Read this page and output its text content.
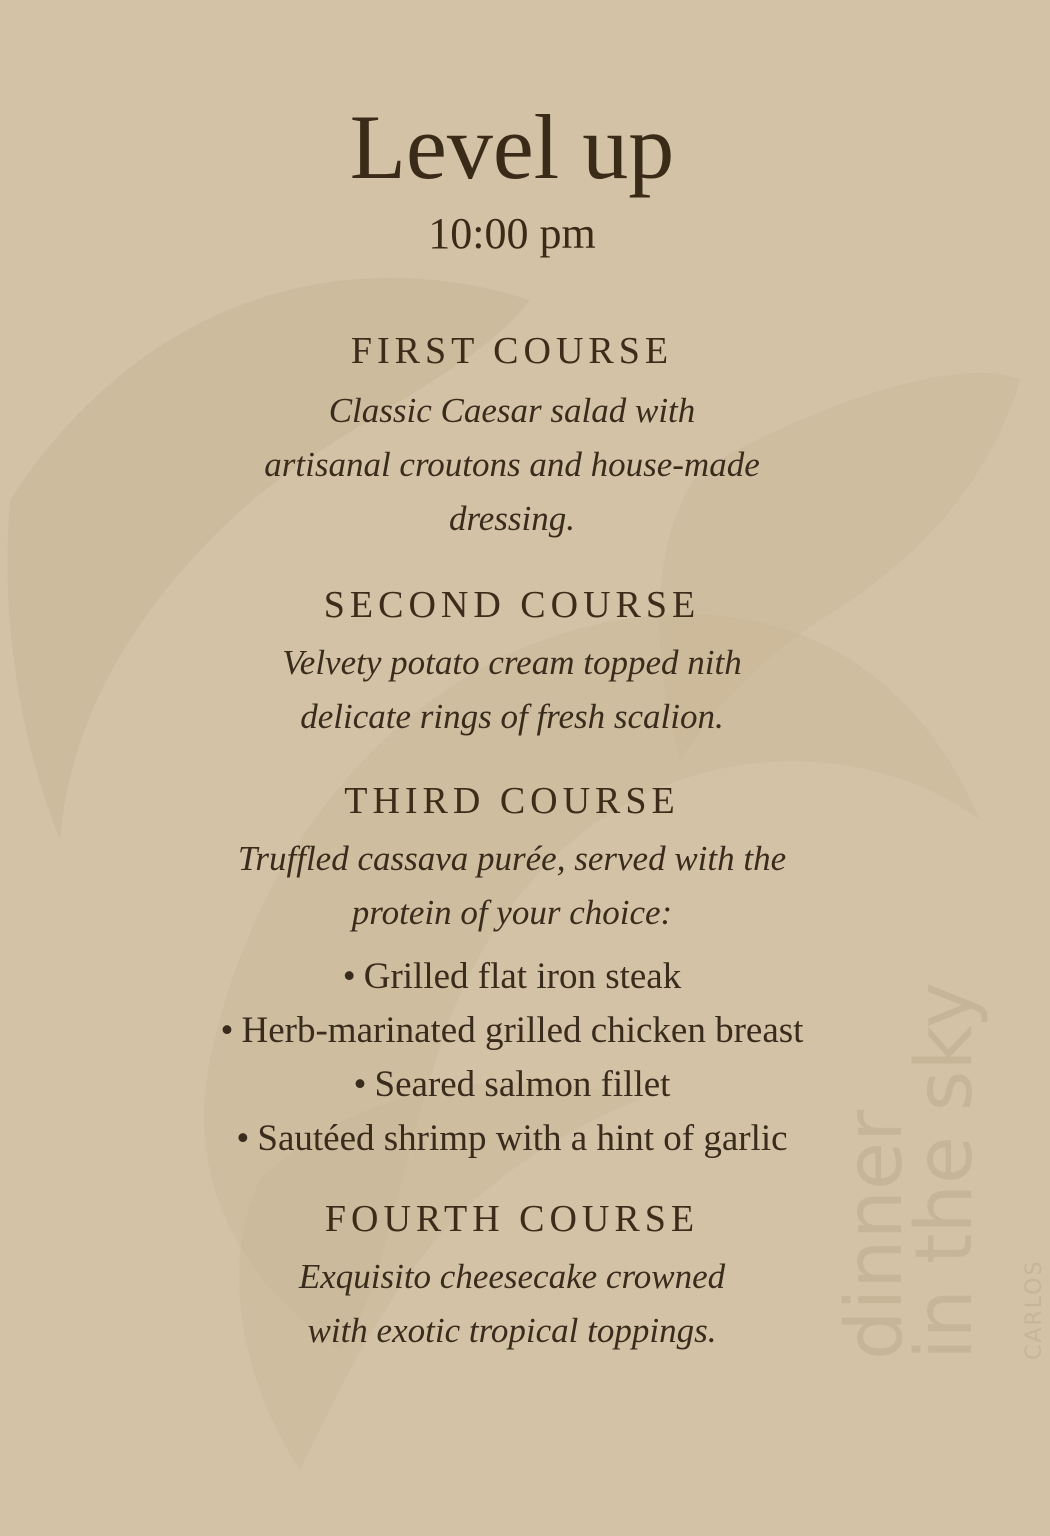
dinner
in the sky CARLOS
Level up
10:00 pm
FIRST COURSE
Classic Caesar salad with
artisanal croutons and house-made
dressing.
SECOND COURSE
Velvety potato cream topped nith
delicate rings of fresh scalion.
THIRD COURSE
Truffled cassava purée, served with the
protein of your choice:
• Grilled flat iron steak
• Herb-marinated grilled chicken breast
• Seared salmon fillet
• Sautéed shrimp with a hint of garlic
FOURTH COURSE
Exquisito cheesecake crowned
with exotic tropical toppings.
